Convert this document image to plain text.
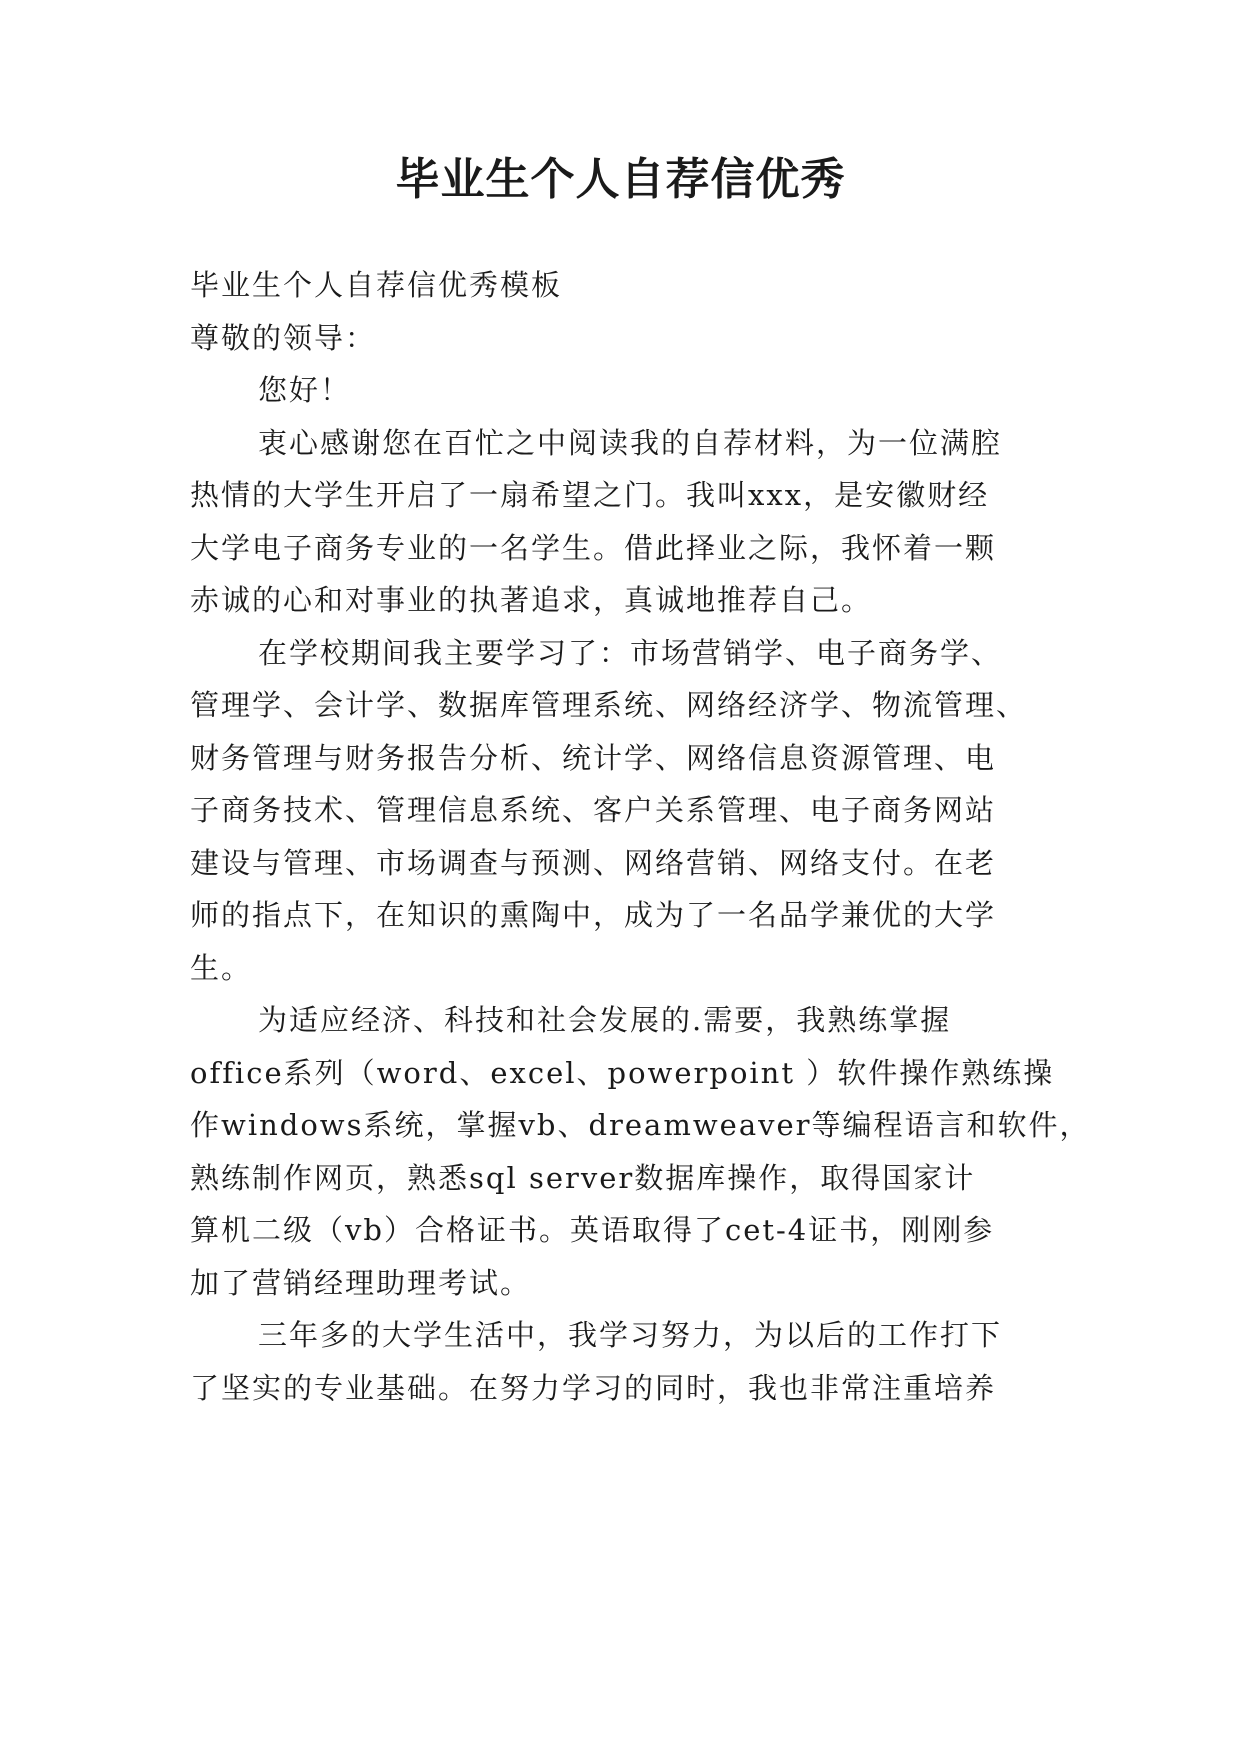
毕业生个人自荐信优秀
毕业生个人自荐信优秀模板
尊敬的领导：
您好！
衷心感谢您在百忙之中阅读我的自荐材料，为一位满腔
热情的大学生开启了一扇希望之门。我叫xxx，是安徽财经
大学电子商务专业的一名学生。借此择业之际，我怀着一颗
赤诚的心和对事业的执著追求，真诚地推荐自己。
在学校期间我主要学习了：市场营销学、电子商务学、
管理学、会计学、数据库管理系统、网络经济学、物流管理、
财务管理与财务报告分析、统计学、网络信息资源管理、电
子商务技术、管理信息系统、客户关系管理、电子商务网站
建设与管理、市场调查与预测、网络营销、网络支付。在老
师的指点下，在知识的熏陶中，成为了一名品学兼优的大学
生。
为适应经济、科技和社会发展的.需要，我熟练掌握
office系列（word、excel、powerpoint ）软件操作熟练操
作windows系统，掌握vb、dreamweaver等编程语言和软件，
熟练制作网页，熟悉sql server数据库操作，取得国家计
算机二级（vb）合格证书。英语取得了cet-4证书，刚刚参
加了营销经理助理考试。
三年多的大学生活中，我学习努力，为以后的工作打下
了坚实的专业基础。在努力学习的同时，我也非常注重培养
